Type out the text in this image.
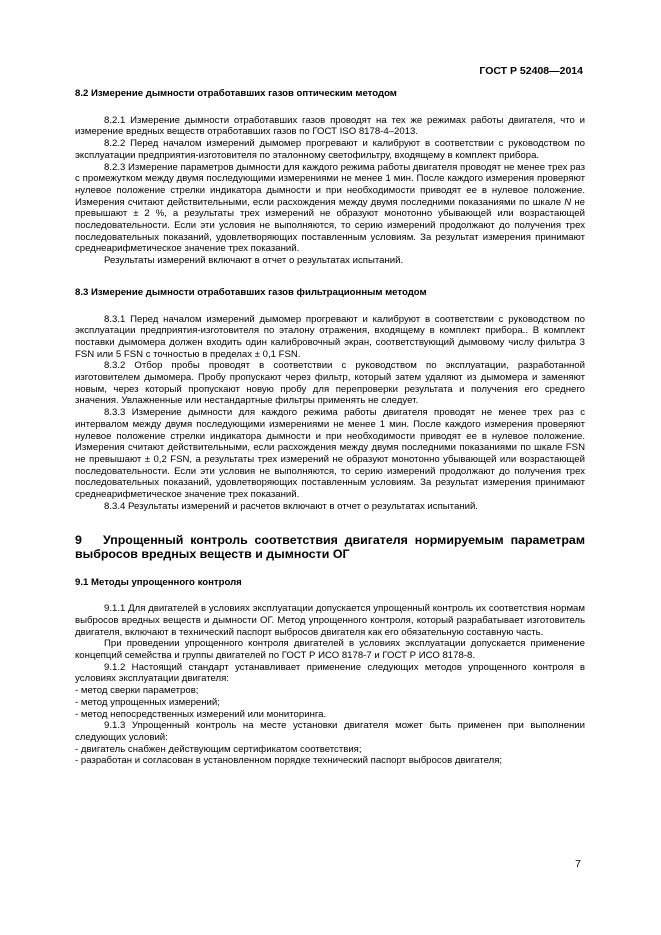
ГОСТ Р 52408—2014
8.2 Измерение дымности отработавших газов оптическим методом

8.2.1 Измерение дымности отработавших газов проводят на тех же режимах работы двигателя, что и измерение вредных веществ отработавших газов по ГОСТ ISO 8178-4–2013.

8.2.2 Перед началом измерений дымомер прогревают и калибруют в соответствии с руководством по эксплуатации предприятия-изготовителя по эталонному светофильтру, входящему в комплект прибора.

8.2.3 Измерение параметров дымности для каждого режима работы двигателя проводят не менее трех раз с промежутком между двумя последующими измерениями не менее 1 мин. После каждого измерения проверяют нулевое положение стрелки индикатора дымности и при необходимости приводят ее в нулевое положение. Измерения считают действительными, если расхождения между двумя последними показаниями по шкале N не превышают ± 2 %, а результаты трех измерений не образуют монотонно убывающей или возрастающей последовательности. Если эти условия не выполняются, то серию измерений продолжают до получения трех последовательных показаний, удовлетворяющих поставленным условиям. За результат измерения принимают среднеарифметическое значение трех показаний.

Результаты измерений включают в отчет о результатах испытаний.

8.3 Измерение дымности отработавших газов фильтрационным методом

8.3.1 Перед началом измерений дымомер прогревают и калибруют в соответствии с руководством по эксплуатации предприятия-изготовителя по эталону отражения, входящему в комплект прибора.. В комплект поставки дымомера должен входить один калибровочный экран, соответствующий дымовому числу фильтра 3 FSN или 5 FSN с точностью в пределах ± 0,1 FSN.

8.3.2 Отбор пробы проводят в соответствии с руководством по эксплуатации, разработанной изготовителем дымомера. Пробу пропускают через фильтр, который затем удаляют из дымомера и заменяют новым, через который пропускают новую пробу для перепроверки результата и получения его среднего значения. Увлажненные или нестандартные фильтры применять не следует.

8.3.3 Измерение дымности для каждого режима работы двигателя проводят не менее трех раз с интервалом между двумя последующими измерениями не менее 1 мин. После каждого измерения проверяют нулевое положение стрелки индикатора дымности и при необходимости приводят ее в нулевое положение. Измерения считают действительными, если расхождения между двумя последними показаниями по шкале FSN не превышают ± 0,2 FSN, а результаты трех измерений не образуют монотонно убывающей или возрастающей последовательности. Если эти условия не выполняются, то серию измерений продолжают до получения трех последовательных показаний, удовлетворяющих поставленным условиям. За результат измерения принимают среднеарифметическое значение трех показаний.

8.3.4 Результаты измерений и расчетов включают в отчет о результатах испытаний.

9 Упрощенный контроль соответствия двигателя нормируемым параметрам выбросов вредных веществ и дымности ОГ
9.1 Методы упрощенного контроля

9.1.1 Для двигателей в условиях эксплуатации допускается упрощенный контроль их соответствия нормам выбросов вредных веществ и дымности ОГ. Метод упрощенного контроля, который разрабатывает изготовитель двигателя, включают в технический паспорт выбросов двигателя как его обязательную составную часть.

При проведении упрощенного контроля двигателей в условиях эксплуатации допускается применение концепций семейства и группы двигателей по ГОСТ Р ИСО 8178-7 и ГОСТ Р ИСО 8178-8.

9.1.2 Настоящий стандарт устанавливает применение следующих методов упрощенного контроля в условиях эксплуатации двигателя:

- метод сверки параметров;

- метод упрощенных измерений;

- метод непосредственных измерений или мониторинга.

9.1.3 Упрощенный контроль на месте установки двигателя может быть применен при выполнении следующих условий:

- двигатель снабжен действующим сертификатом соответствия;

- разработан и согласован в установленном порядке технический паспорт выбросов двигателя;

7
